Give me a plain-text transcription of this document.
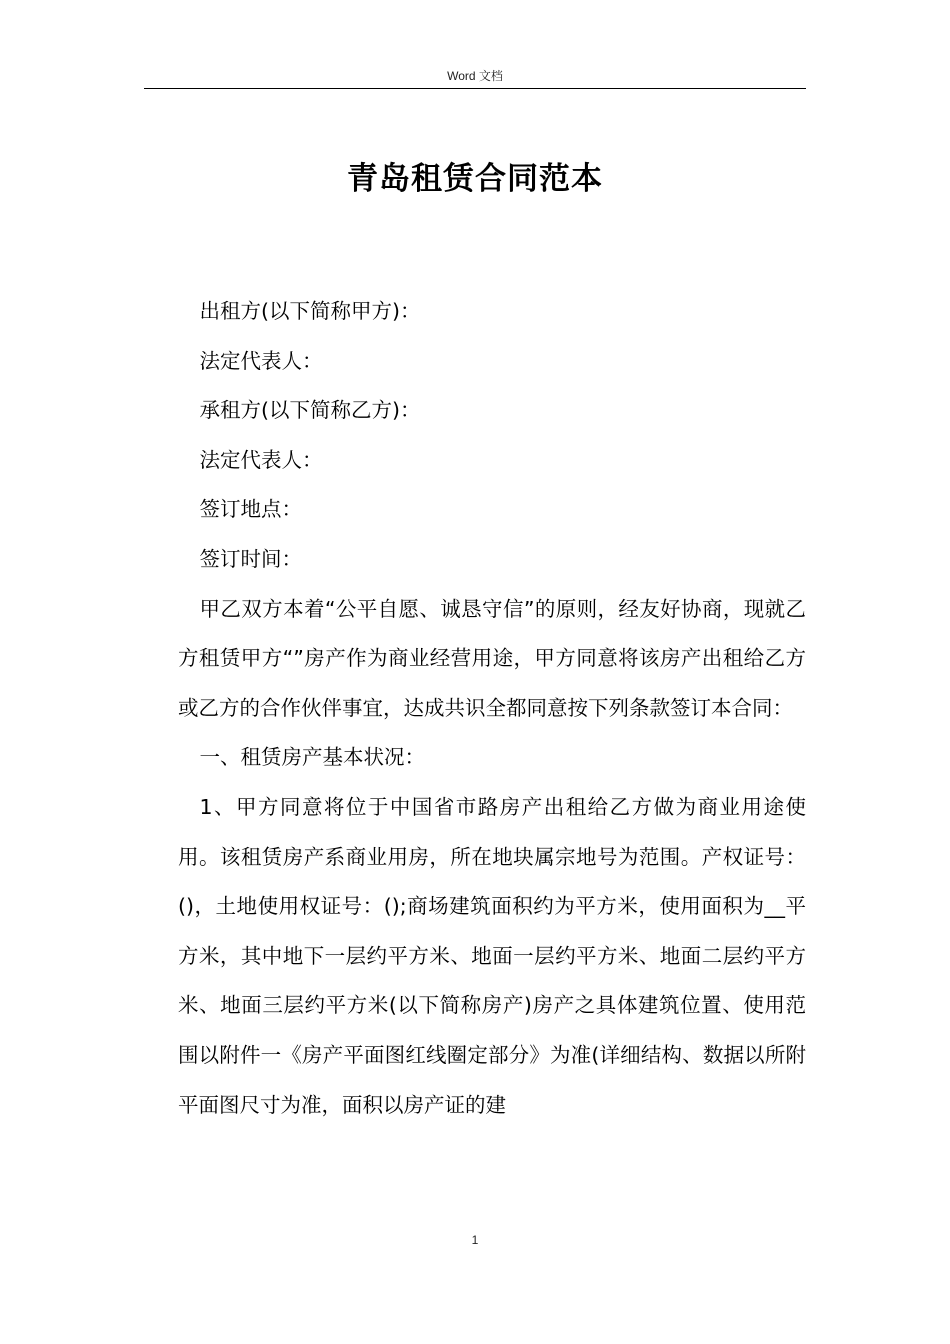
Word 文档
青岛租赁合同范本

出租方(以下简称甲方)：

法定代表人：

承租方(以下简称乙方)：

法定代表人：

签订地点：

签订时间：

甲乙双方本着“公平自愿、诚恳守信”的原则，经友好协商，现就乙方租赁甲方“”房产作为商业经营用途，甲方同意将该房产出租给乙方或乙方的合作伙伴事宜，达成共识全都同意按下列条款签订本合同：

一、租赁房产基本状况：

1、甲方同意将位于中国省市路房产出租给乙方做为商业用途使用。该租赁房产系商业用房，所在地块属宗地号为范围。产权证号：()，土地使用权证号：();商场建筑面积约为平方米，使用面积为__平方米，其中地下一层约平方米、地面一层约平方米、地面二层约平方米、地面三层约平方米(以下简称房产)房产之具体建筑位置、使用范围以附件一《房产平面图红线圈定部分》为准(详细结构、数据以所附平面图尺寸为准，面积以房产证的建

1
